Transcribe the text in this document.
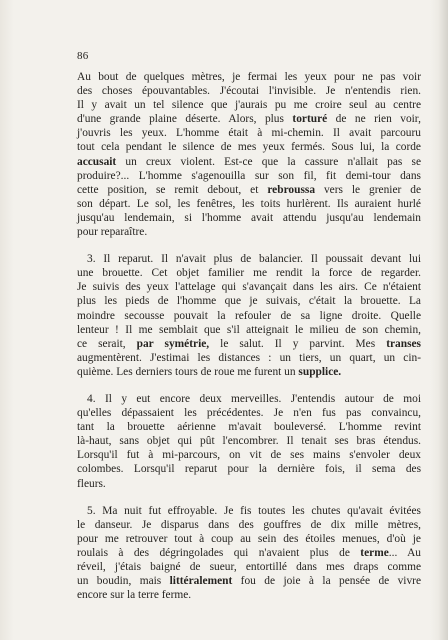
86
Au bout de quelques mètres, je fermai les yeux pour ne pas voir
des choses épouvantables. J'écoutai l'invisible. Je n'entendis rien.
Il y avait un tel silence que j'aurais pu me croire seul au centre
d'une grande plaine déserte. Alors, plus torturé de ne rien voir,
j'ouvris les yeux. L'homme était à mi-chemin. Il avait parcouru
tout cela pendant le silence de mes yeux fermés. Sous lui, la corde
accusait un creux violent. Est-ce que la cassure n'allait pas se
produire?... L'homme s'agenouilla sur son fil, fit demi-tour dans
cette position, se remit debout, et rebroussa vers le grenier de
son départ. Le sol, les fenêtres, les toits hurlèrent. Ils auraient hurlé
jusqu'au lendemain, si l'homme avait attendu jusqu'au lendemain
pour reparaître.
3. Il reparut. Il n'avait plus de balancier. Il poussait devant lui
une brouette. Cet objet familier me rendit la force de regarder.
Je suivis des yeux l'attelage qui s'avançait dans les airs. Ce n'étaient
plus les pieds de l'homme que je suivais, c'était la brouette. La
moindre secousse pouvait la refouler de sa ligne droite. Quelle
lenteur ! Il me semblait que s'il atteignait le milieu de son chemin,
ce serait, par symétrie, le salut. Il y parvint. Mes transes
augmentèrent. J'estimai les distances : un tiers, un quart, un cin-
quième. Les derniers tours de roue me furent un supplice.
4. Il y eut encore deux merveilles. J'entendis autour de moi
qu'elles dépassaient les précédentes. Je n'en fus pas convaincu,
tant la brouette aérienne m'avait bouleversé. L'homme revint
là-haut, sans objet qui pût l'encombrer. Il tenait ses bras étendus.
Lorsqu'il fut à mi-parcours, on vit de ses mains s'envoler deux
colombes. Lorsqu'il reparut pour la dernière fois, il sema des
fleurs.
5. Ma nuit fut effroyable. Je fis toutes les chutes qu'avait évitées
le danseur. Je disparus dans des gouffres de dix mille mètres,
pour me retrouver tout à coup au sein des étoiles menues, d'où je
roulais à des dégringolades qui n'avaient plus de terme... Au
réveil, j'étais baigné de sueur, entortillé dans mes draps comme
un boudin, mais littéralement fou de joie à la pensée de vivre
encore sur la terre ferme.
